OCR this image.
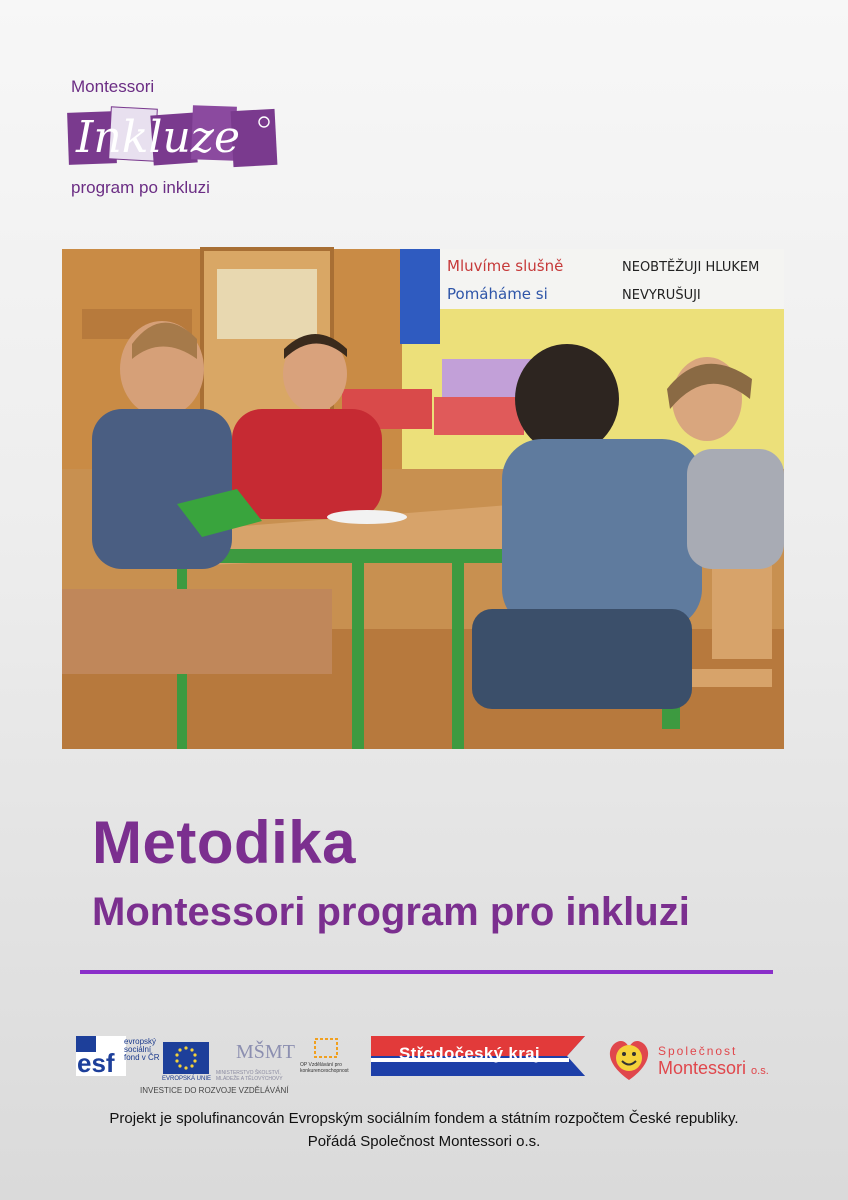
Montessori
Inkluze
program po inkluzi
Mluvíme slušně
Pomáháme si
NEOBTĚŽUJI HLUKEM
NEVYRUŠUJI
Metodika
Montessori program pro inkluzi
esf
evropský
sociální
fond v ČR
EVROPSKÁ UNIE
MŠMT
MINISTERSTVO ŠKOLSTVÍ, MLÁDEŽE A TĚLOVÝCHOVY
INVESTICE DO ROZVOJE VZDĚLÁVÁNÍ
OP Vzdělávání pro konkurenceschopnost
Středočeský kraj	Společnost
Montessori o.s.
Projekt je spolufinancován Evropským sociálním fondem a státním rozpočtem České republiky.
Pořádá Společnost Montessori o.s.
